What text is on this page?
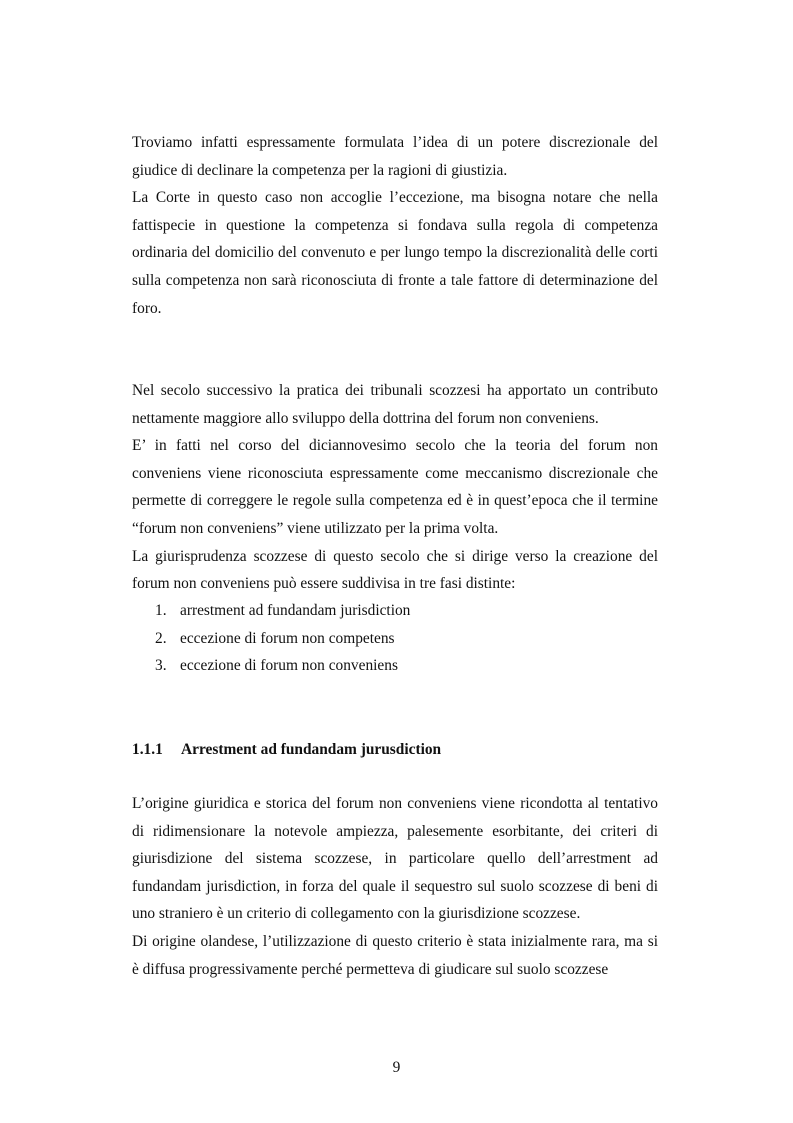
Troviamo infatti espressamente formulata l’idea di un potere discrezionale del giudice di declinare la competenza per la ragioni di giustizia.

La Corte in questo caso non accoglie l’eccezione, ma bisogna notare che nella fattispecie in questione la competenza si fondava sulla regola di competenza ordinaria del domicilio del convenuto e per lungo tempo la discrezionalità delle corti sulla competenza non sarà riconosciuta di fronte a tale fattore di determinazione del foro.

Nel secolo successivo la pratica dei tribunali scozzesi ha apportato un contributo nettamente maggiore allo sviluppo della dottrina del forum non conveniens.

E’ in fatti nel corso del diciannovesimo secolo che la teoria del forum non conveniens viene riconosciuta espressamente come meccanismo discrezionale che permette di correggere le regole sulla competenza ed è in quest’epoca che il termine “forum non conveniens” viene utilizzato per la prima volta.

La giurisprudenza scozzese di questo secolo che si dirige verso la creazione del forum non conveniens può essere suddivisa in tre fasi distinte:

1. arrestment ad fundandam jurisdiction
2. eccezione di forum non competens
3. eccezione di forum non conveniens
1.1.1 Arrestment ad fundandam jurusdiction

L’origine giuridica e storica del forum non conveniens viene ricondotta al tentativo di ridimensionare la notevole ampiezza, palesemente esorbitante, dei criteri di giurisdizione del sistema scozzese, in particolare quello dell’arrestment ad fundandam jurisdiction, in forza del quale il sequestro sul suolo scozzese di beni di uno straniero è un criterio di collegamento con la giurisdizione scozzese.

Di origine olandese, l’utilizzazione di questo criterio è stata inizialmente rara, ma si è diffusa progressivamente perché permetteva di giudicare sul suolo scozzese

9
